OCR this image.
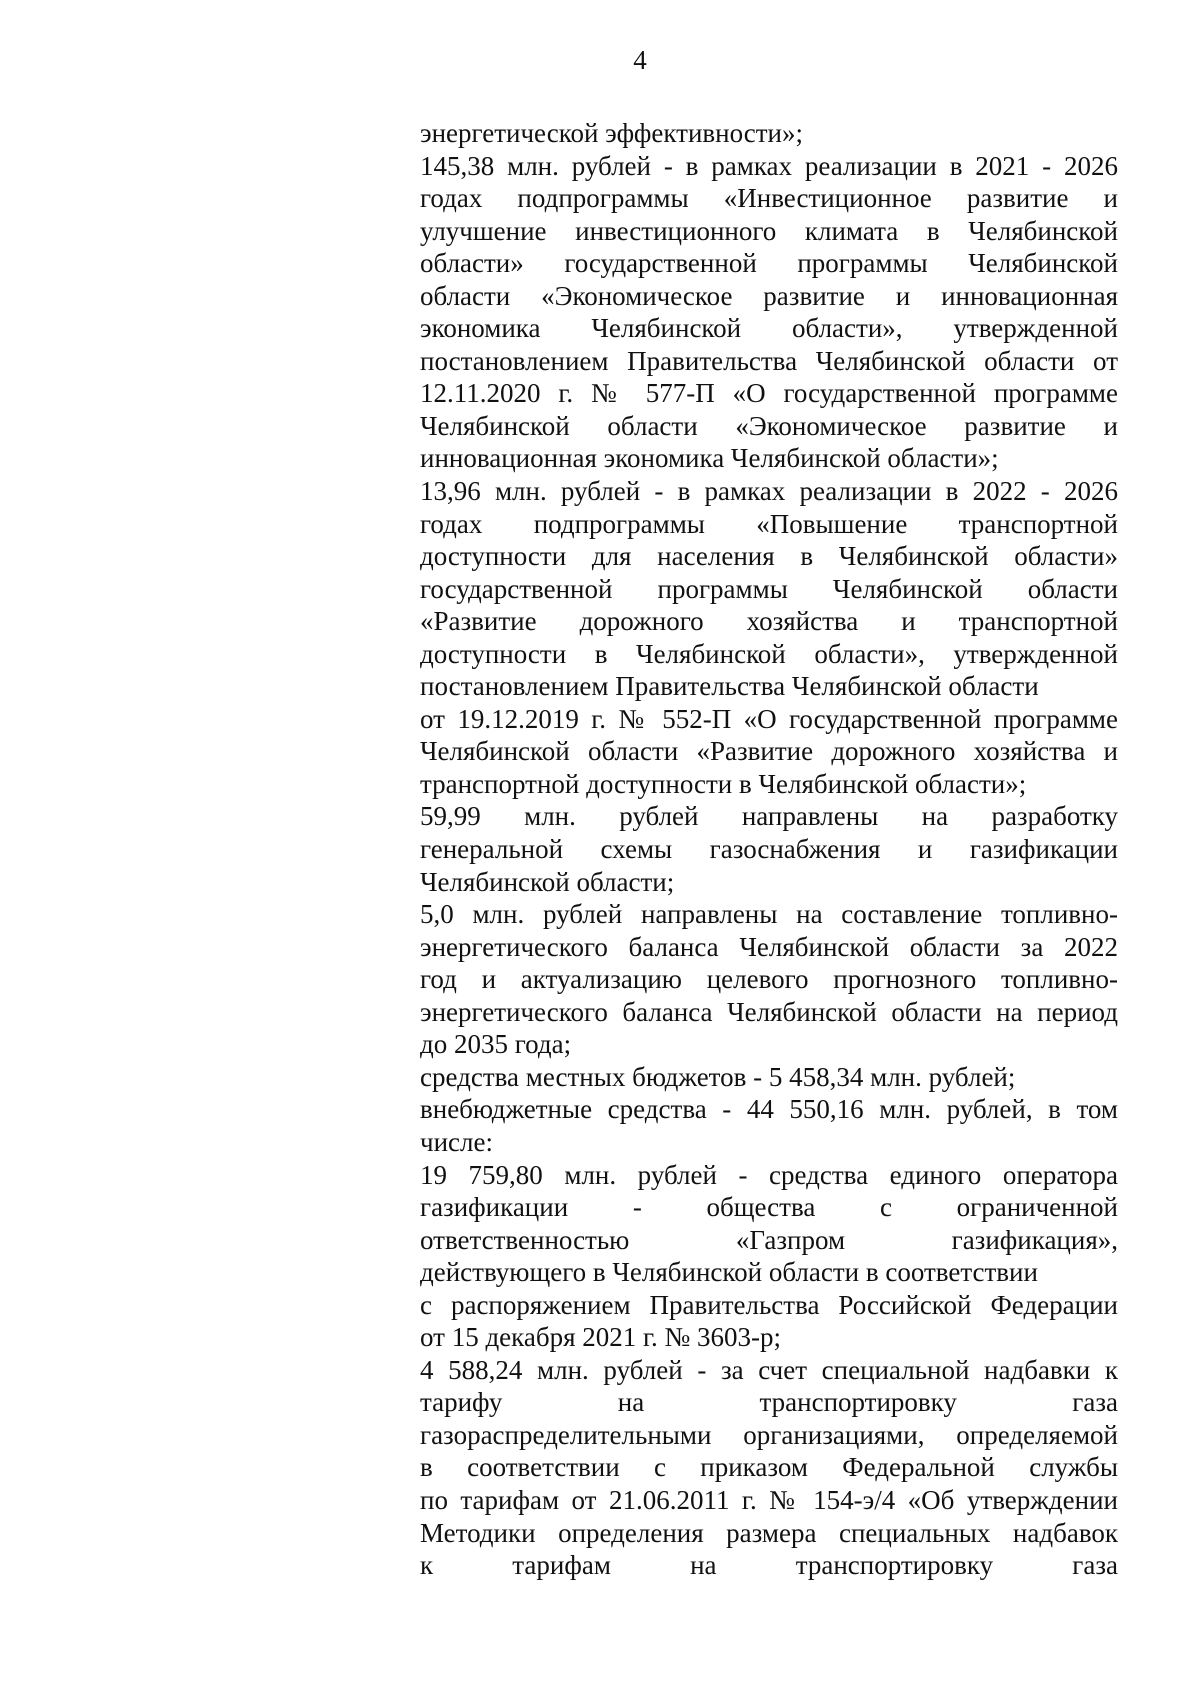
4
энергетической эффективности»;
145,38 млн. рублей - в рамках реализации в 2021 - 2026
годах подпрограммы «Инвестиционное развитие и
улучшение инвестиционного климата в Челябинской
области» государственной программы Челябинской
области «Экономическое развитие и инновационная
экономика Челябинской области», утвержденной
постановлением Правительства Челябинской области от
12.11.2020 г. № 577-П «О государственной программе
Челябинской области «Экономическое развитие и
инновационная экономика Челябинской области»;
13,96 млн. рублей - в рамках реализации в 2022 - 2026
годах подпрограммы «Повышение транспортной
доступности для населения в Челябинской области»
государственной программы Челябинской области
«Развитие дорожного хозяйства и транспортной
доступности в Челябинской области», утвержденной
постановлением Правительства Челябинской области
от 19.12.2019 г. № 552-П «О государственной программе
Челябинской области «Развитие дорожного хозяйства и
транспортной доступности в Челябинской области»;
59,99 млн. рублей направлены на разработку
генеральной схемы газоснабжения и газификации
Челябинской области;
5,0 млн. рублей направлены на составление топливно-
энергетического баланса Челябинской области за 2022
год и актуализацию целевого прогнозного топливно-
энергетического баланса Челябинской области на период
до 2035 года;
средства местных бюджетов - 5 458,34 млн. рублей;
внебюджетные средства - 44 550,16 млн. рублей, в том
числе:
19 759,80 млн. рублей - средства единого оператора
газификации - общества с ограниченной
ответственностью «Газпром газификация»,
действующего в Челябинской области в соответствии
с распоряжением Правительства Российской Федерации
от 15 декабря 2021 г. № 3603-р;
4 588,24 млн. рублей - за счет специальной надбавки к
тарифу на транспортировку газа
газораспределительными организациями, определяемой
в соответствии с приказом Федеральной службы
по тарифам от 21.06.2011 г. № 154-э/4 «Об утверждении
Методики определения размера специальных надбавок
к тарифам на транспортировку газа
